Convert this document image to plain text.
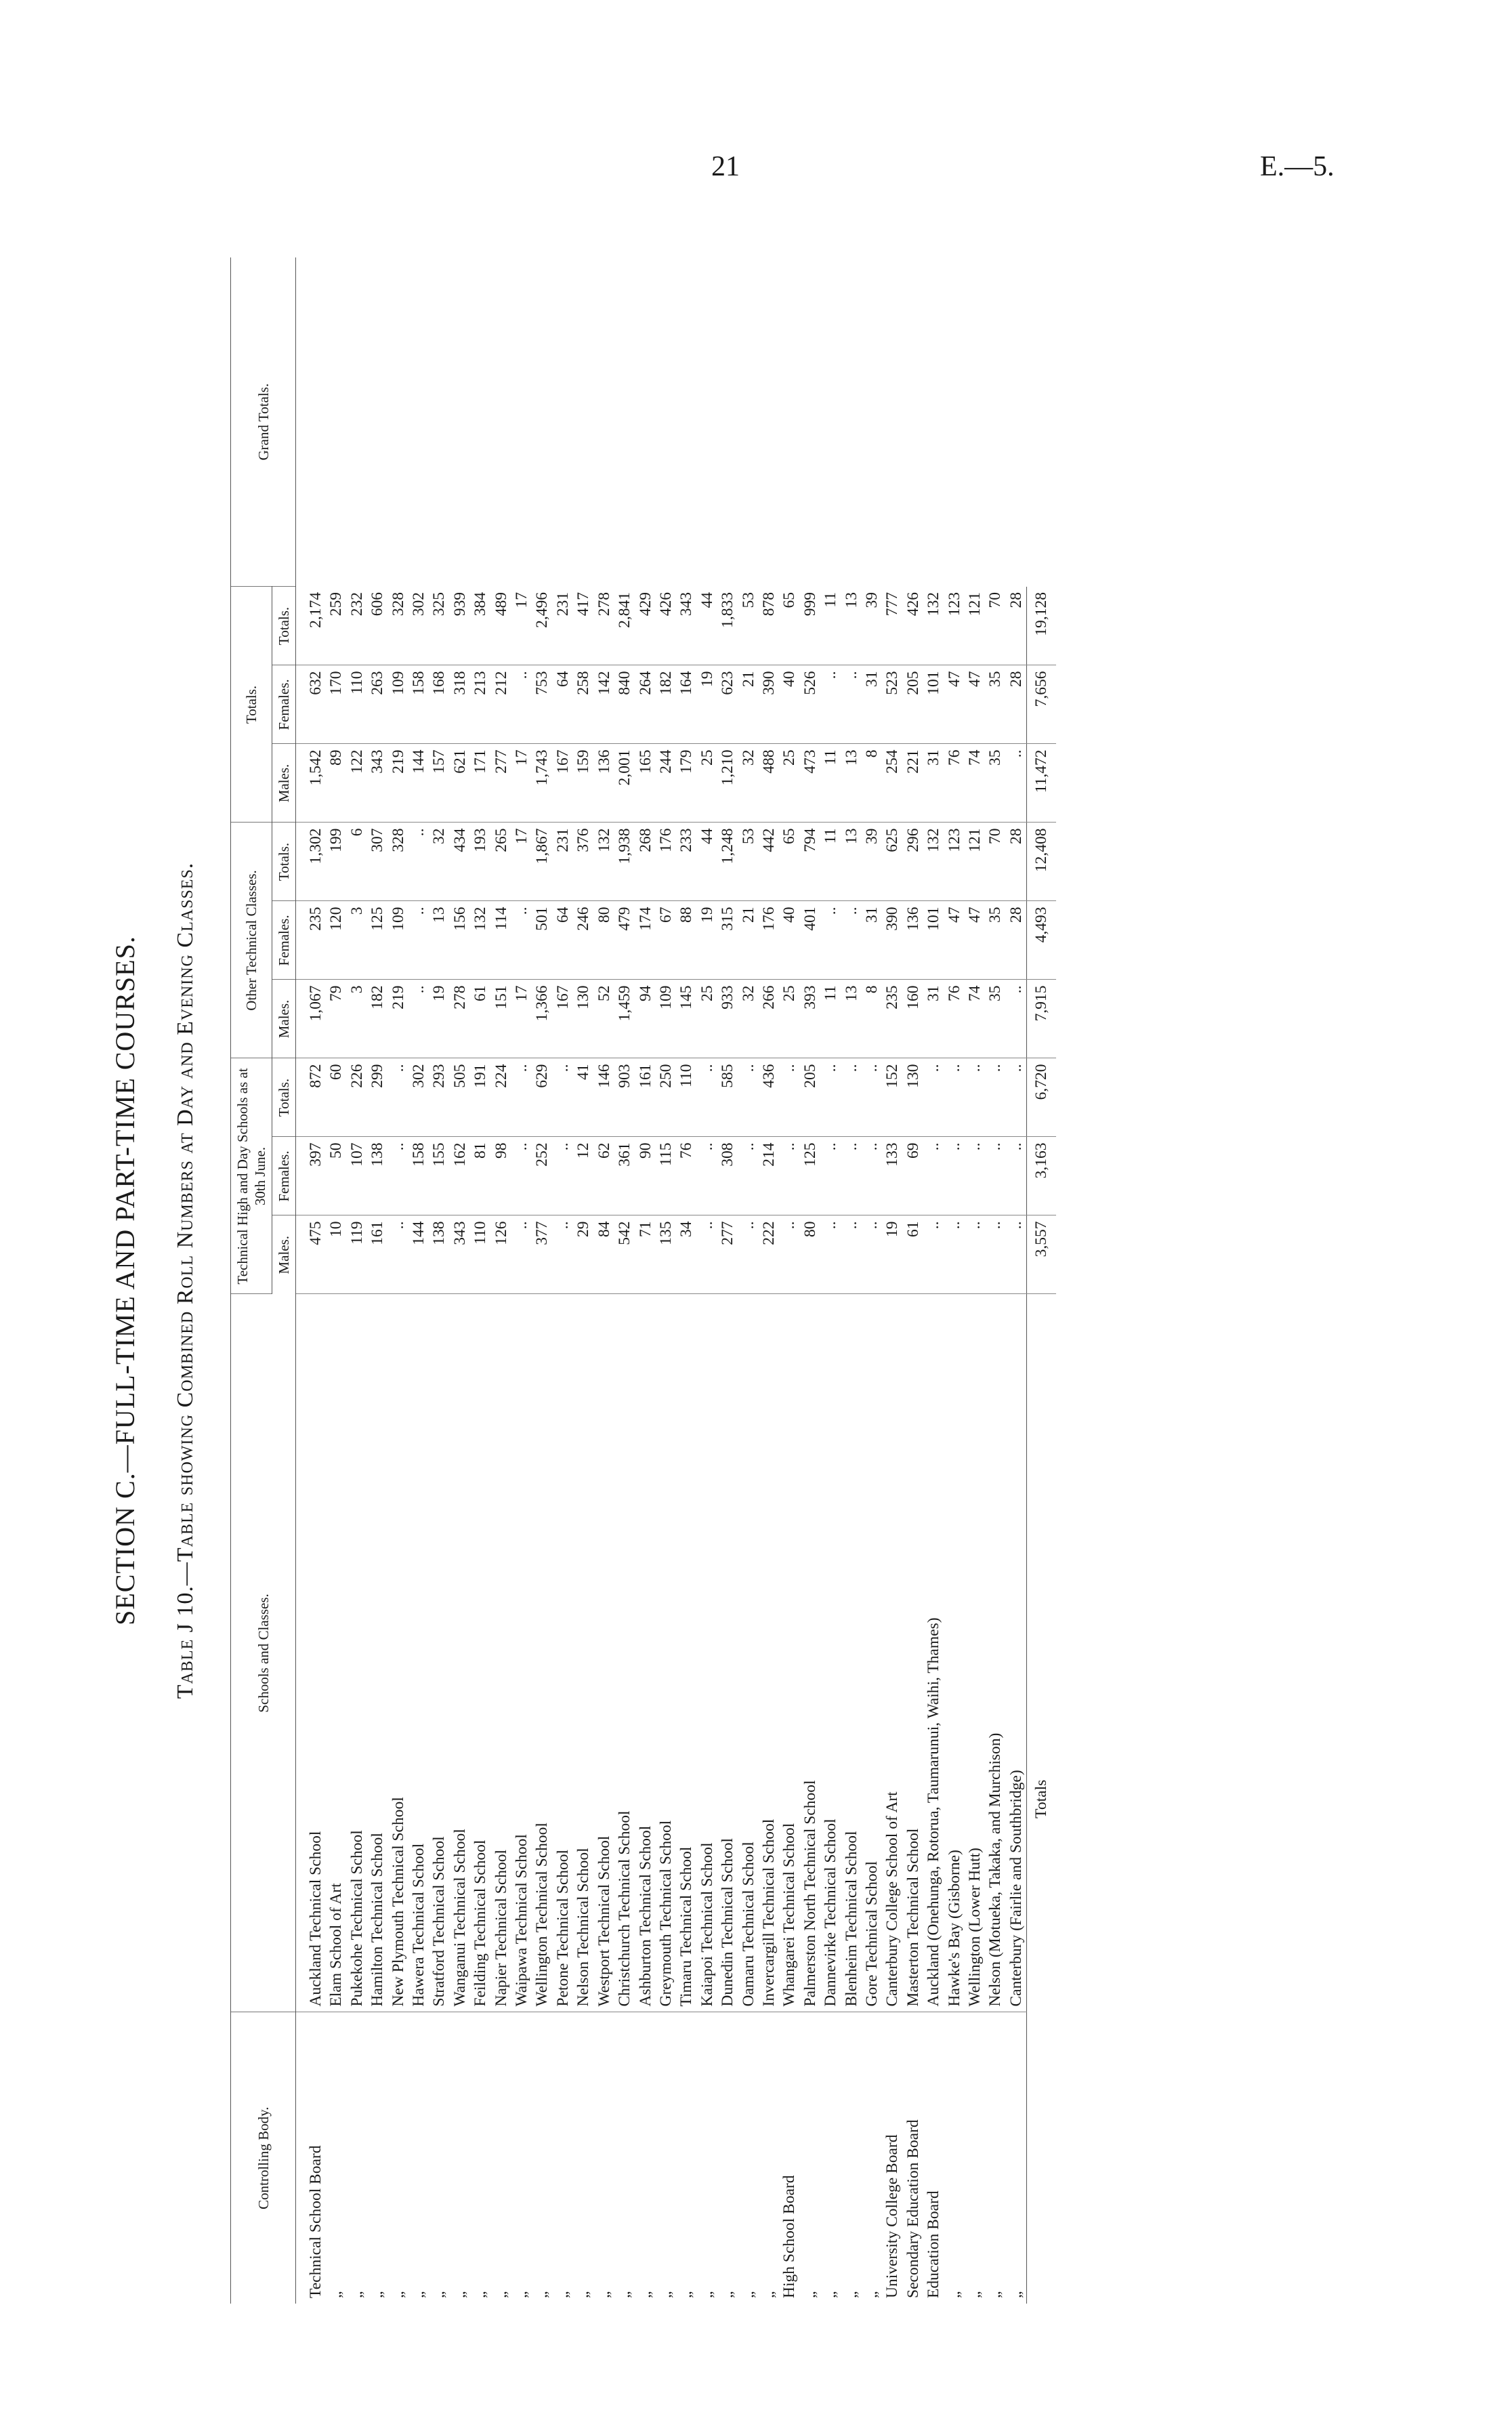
21	E.—5.
SECTION C.—FULL-TIME AND PART-TIME COURSES. Table J 10.—Table showing Combined Roll Numbers at Day and Evening Classes.
Controlling Body.	Schools and Classes.	Technical High and Day Schools as at 30th June.			Other Technical Classes.			Totals.			Grand Totals.
		Males.	Females.	Totals.	Males.	Females.	Totals.	Males.	Females.	Totals.	
Technical School Board	Auckland Technical School	475	397	872	1,067	235	1,302	1,542	632	2,174	
„	Elam School of Art	10	50	60	79	120	199	89	170	259	
„	Pukekohe Technical School	119	107	226	3	3	6	122	110	232	
„	Hamilton Technical School	161	138	299	182	125	307	343	263	606	
„	New Plymouth Technical School	..	..	..	219	109	328	219	109	328	
„	Hawera Technical School	144	158	302	..	..	..	144	158	302	
„	Stratford Technical School	138	155	293	19	13	32	157	168	325	
„	Wanganui Technical School	343	162	505	278	156	434	621	318	939	
„	Feilding Technical School	110	81	191	61	132	193	171	213	384	
„	Napier Technical School	126	98	224	151	114	265	277	212	489	
„	Waipawa Technical School	..	..	..	17	..	17	17	..	17	
„	Wellington Technical School	377	252	629	1,366	501	1,867	1,743	753	2,496	
„	Petone Technical School	..	..	..	167	64	231	167	64	231	
„	Nelson Technical School	29	12	41	130	246	376	159	258	417	
„	Westport Technical School	84	62	146	52	80	132	136	142	278	
„	Christchurch Technical School	542	361	903	1,459	479	1,938	2,001	840	2,841	
„	Ashburton Technical School	71	90	161	94	174	268	165	264	429	
„	Greymouth Technical School	135	115	250	109	67	176	244	182	426	
„	Timaru Technical School	34	76	110	145	88	233	179	164	343	
„	Kaiapoi Technical School	..	..	..	25	19	44	25	19	44	
„	Dunedin Technical School	277	308	585	933	315	1,248	1,210	623	1,833	
„	Oamaru Technical School	..	..	..	32	21	53	32	21	53	
„	Invercargill Technical School	222	214	436	266	176	442	488	390	878	
High School Board	Whangarei Technical School	..	..	..	25	40	65	25	40	65	
„	Palmerston North Technical School	80	125	205	393	401	794	473	526	999	
„	Dannevirke Technical School	..	..	..	11	..	11	11	..	11	
„	Blenheim Technical School	..	..	..	13	..	13	13	..	13	
„	Gore Technical School	..	..	..	8	31	39	8	31	39	
University College Board	Canterbury College School of Art	19	133	152	235	390	625	254	523	777	
Secondary Education Board	Masterton Technical School	61	69	130	160	136	296	221	205	426	
Education Board	Auckland (Onehunga, Rotorua, Taumarunui, Waihi, Thames)	..	..	..	31	101	132	31	101	132	
„	Hawke's Bay (Gisborne)	..	..	..	76	47	123	76	47	123	
„	Wellington (Lower Hutt)	..	..	..	74	47	121	74	47	121	
„	Nelson (Motueka, Takaka, and Murchison)	..	..	..	35	35	70	35	35	70	
„	Canterbury (Fairlie and Southbridge)	..	..	..	..	28	28	..	28	28	
Totals		3,557	3,163	6,720	7,915	4,493	12,408	11,472	7,656	19,128	
